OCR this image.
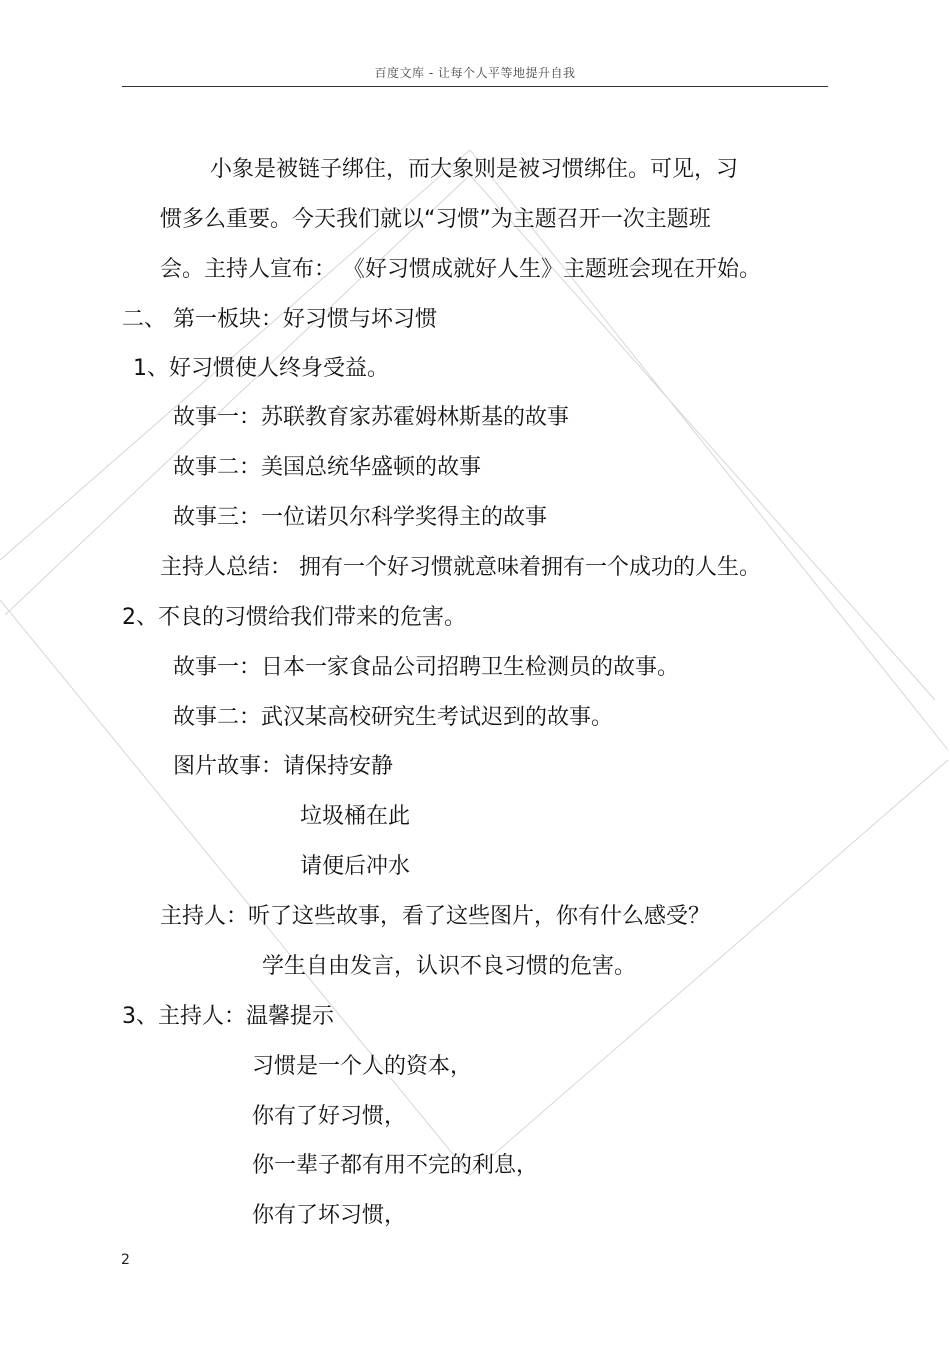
百度文库 - 让每个人平等地提升自我
小象是被链子绑住，而大象则是被习惯绑住。可见，习
惯多么重要。今天我们就以“习惯”为主题召开一次主题班
会。主持人宣布： 《好习惯成就好人生》主题班会现在开始。
二、 第一板块：好习惯与坏习惯
1、好习惯使人终身受益。
故事一：苏联教育家苏霍姆林斯基的故事
故事二：美国总统华盛顿的故事
故事三：一位诺贝尔科学奖得主的故事
主持人总结： 拥有一个好习惯就意味着拥有一个成功的人生。
2、不良的习惯给我们带来的危害。
故事一：日本一家食品公司招聘卫生检测员的故事。
故事二：武汉某高校研究生考试迟到的故事。
图片故事：请保持安静
垃圾桶在此
请便后冲水
主持人：听了这些故事，看了这些图片，你有什么感受？
学生自由发言，认识不良习惯的危害。
3、主持人：温馨提示
习惯是一个人的资本，
你有了好习惯，
你一辈子都有用不完的利息，
你有了坏习惯，
2
